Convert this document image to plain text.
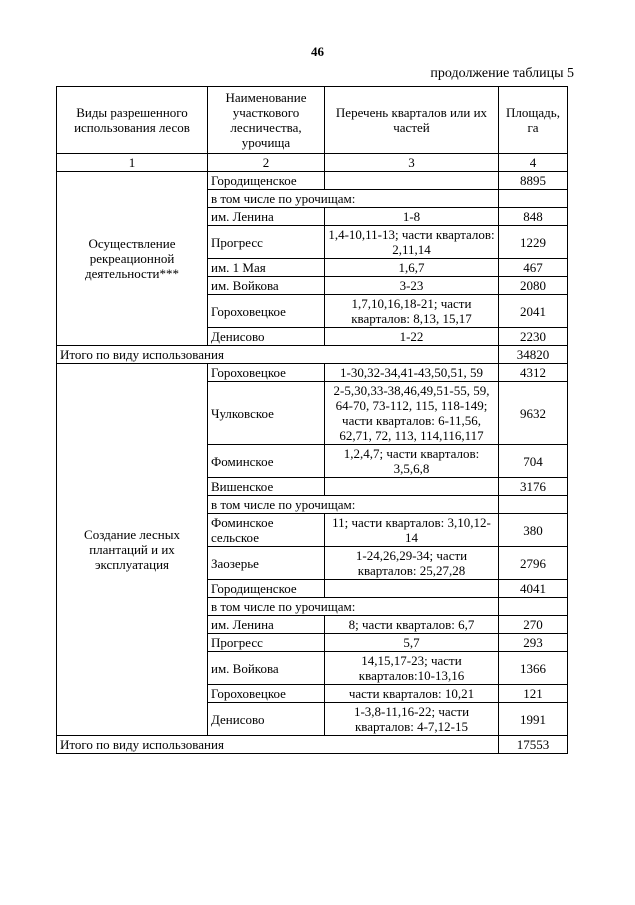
46
продолжение таблицы 5
Виды разрешенного использования лесов	Наименование участкового лесничества, урочища	Перечень кварталов или их частей	Площадь, га
1	2	3	4
Осуществление рекреационной деятельности***	Городищенское		8895
	в том числе по урочищам:		
	им. Ленина	1-8	848
	Прогресс	1,4-10,11-13; части кварталов: 2,11,14	1229
	им. 1 Мая	1,6,7	467
	им. Войкова	3-23	2080
	Гороховецкое	1,7,10,16,18-21; части кварталов: 8,13, 15,17	2041
	Денисово	1-22	2230
Итого по виду использования			34820
Создание лесных плантаций и их эксплуатация	Гороховецкое	1-30,32-34,41-43,50,51, 59	4312
	Чулковское	2-5,30,33-38,46,49,51-55, 59, 64-70, 73-112, 115, 118-149; части кварталов: 6-11,56, 62,71, 72, 113, 114,116,117	9632
	Фоминское	1,2,4,7; части кварталов: 3,5,6,8	704
	Вишенское		3176
	в том числе по урочищам:		
	Фоминское сельское	11; части кварталов: 3,10,12- 14	380
	Заозерье	1-24,26,29-34; части кварталов: 25,27,28	2796
	Городищенское		4041
	в том числе по урочищам:		
	им. Ленина	8; части кварталов: 6,7	270
	Прогресс	5,7	293
	им. Войкова	14,15,17-23; части кварталов:10-13,16	1366
	Гороховецкое	части кварталов: 10,21	121
	Денисово	1-3,8-11,16-22; части кварталов: 4-7,12-15	1991
Итого по виду использования			17553
